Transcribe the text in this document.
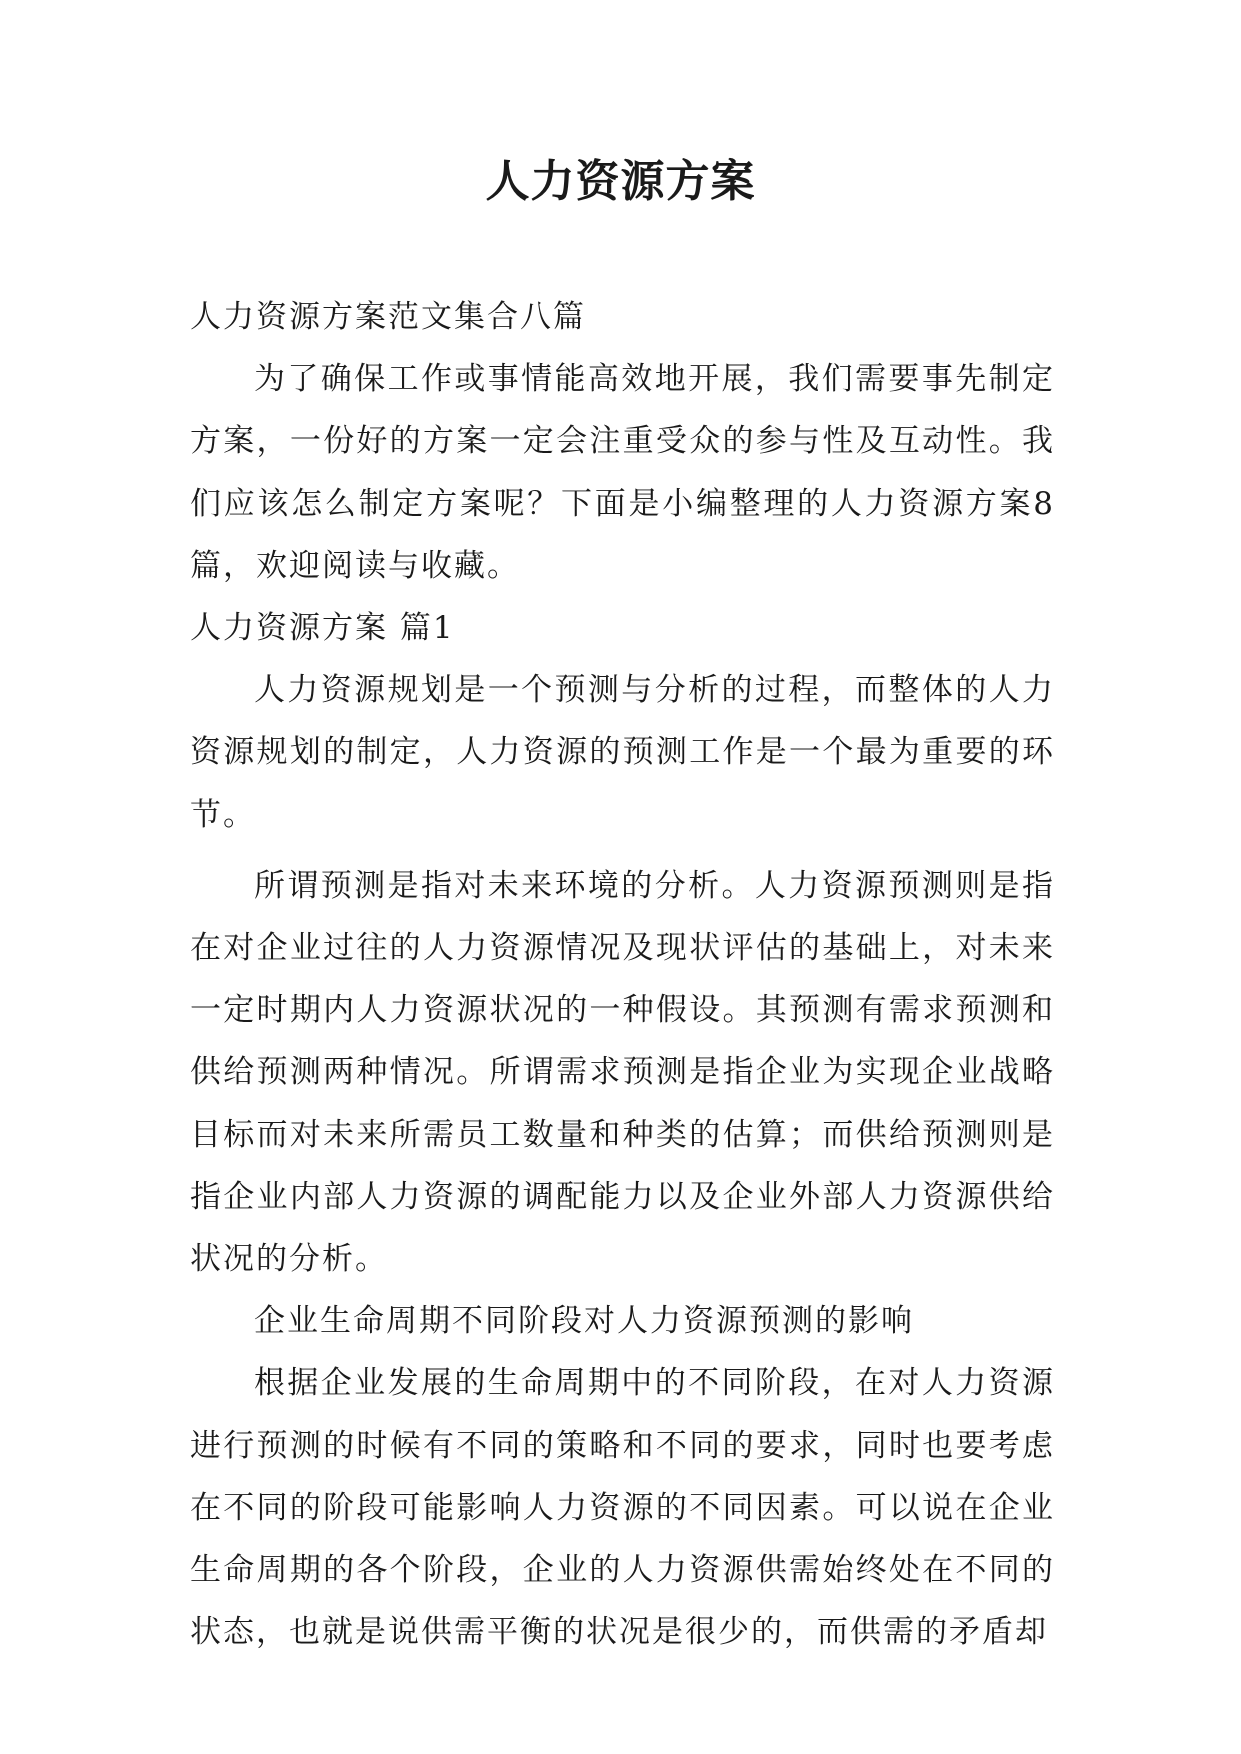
人力资源方案

人力资源方案范文集合八篇

为了确保工作或事情能高效地开展，我们需要事先制定方案，一份好的方案一定会注重受众的参与性及互动性。我们应该怎么制定方案呢？下面是小编整理的人力资源方案8篇，欢迎阅读与收藏。

人力资源方案 篇1

人力资源规划是一个预测与分析的过程，而整体的人力资源规划的制定，人力资源的预测工作是一个最为重要的环节。

所谓预测是指对未来环境的分析。人力资源预测则是指在对企业过往的人力资源情况及现状评估的基础上，对未来一定时期内人力资源状况的一种假设。其预测有需求预测和供给预测两种情况。所谓需求预测是指企业为实现企业战略目标而对未来所需员工数量和种类的估算；而供给预测则是指企业内部人力资源的调配能力以及企业外部人力资源供给状况的分析。

企业生命周期不同阶段对人力资源预测的影响

根据企业发展的生命周期中的不同阶段，在对人力资源进行预测的时候有不同的策略和不同的要求，同时也要考虑在不同的阶段可能影响人力资源的不同因素。可以说在企业生命周期的各个阶段，企业的人力资源供需始终处在不同的状态，也就是说供需平衡的状况是很少的，而供需的矛盾却
